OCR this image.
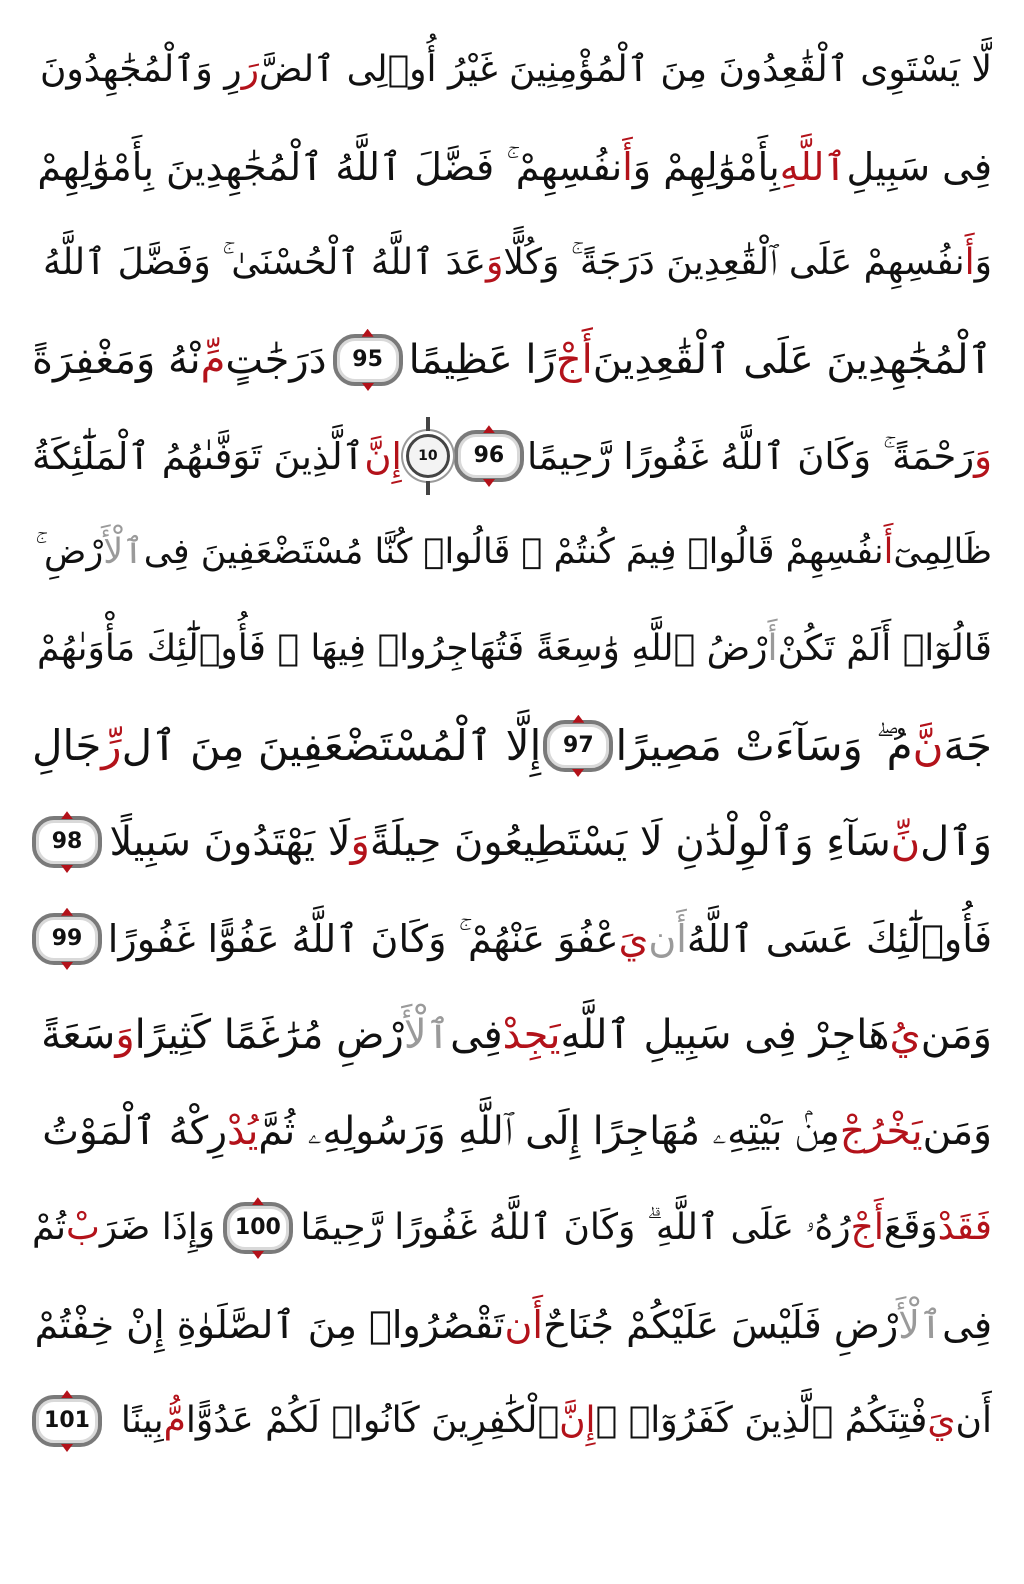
لَّا يَسْتَوِى ٱلْقَٰعِدُونَ مِنَ ٱلْمُؤْمِنِينَ غَيْرُ أُو۟لِى ٱلضَّرَرِ وَٱلْمُجَٰهِدُونَ
فِى سَبِيلِٱللَّهِبِأَمْوَٰلِهِمْ وَأَنفُسِهِمْ ۚ فَضَّلَ ٱللَّهُ ٱلْمُجَٰهِدِينَ بِأَمْوَٰلِهِمْ
وَأَنفُسِهِمْ عَلَى ٱلْقَٰعِدِينَ دَرَجَةً ۚ وَكُلًّاوَعَدَ ٱللَّهُ ٱلْحُسْنَىٰ ۚ وَفَضَّلَ ٱللَّهُ
ٱلْمُجَٰهِدِينَ عَلَى ٱلْقَٰعِدِينَأَجْرًا عَظِيمًا
95
دَرَجَٰتٍمِّنْهُ وَمَغْفِرَةً
وَرَحْمَةً ۚ وَكَانَ ٱللَّهُ غَفُورًا رَّحِيمًا
96
10
إِنَّٱلَّذِينَ تَوَفَّىٰهُمُ ٱلْمَلَٰٓئِكَةُ
ظَالِمِىٓأَنفُسِهِمْ قَالُوا۟ فِيمَ كُنتُمْ ۖ قَالُوا۟ كُنَّا مُسْتَضْعَفِينَ فِىٱلْأَرْضِ ۚ
قَالُوٓا۟ أَلَمْ تَكُنْأَرْضُ ٱللَّهِ وَٰسِعَةً فَتُهَاجِرُوا۟ فِيهَا ۚ فَأُو۟لَٰٓئِكَ مَأْوَىٰهُمْ
جَهَنَّمُ ۖ وَسَآءَتْ مَصِيرًا
97
إِلَّا ٱلْمُسْتَضْعَفِينَ مِنَ ٱلرِّجَالِ
وَٱلنِّسَآءِ وَٱلْوِلْدَٰنِ لَا يَسْتَطِيعُونَ حِيلَةًوَلَا يَهْتَدُونَ سَبِيلًا
98
فَأُو۟لَٰٓئِكَ عَسَى ٱللَّهُأَنيَعْفُوَ عَنْهُمْ ۚ وَكَانَ ٱللَّهُ عَفُوًّا غَفُورًا
99
وَمَنيُهَاجِرْ فِى سَبِيلِ ٱللَّهِيَجِدْفِىٱلْأَرْضِ مُرَٰغَمًا كَثِيرًاوَسَعَةً
وَمَنيَخْرُجْمِنۢ بَيْتِهِۦ مُهَاجِرًا إِلَى ٱللَّهِ وَرَسُولِهِۦ ثُمَّيُدْرِكْهُ ٱلْمَوْتُ
فَقَدْوَقَعَأَجْرُهُۥ عَلَى ٱللَّهِ ۗ وَكَانَ ٱللَّهُ غَفُورًا رَّحِيمًا
100
وَإِذَا ضَرَبْتُمْ
فِىٱلْأَرْضِ فَلَيْسَ عَلَيْكُمْ جُنَاحٌأَنتَقْصُرُوا۟ مِنَ ٱلصَّلَوٰةِ إِنْ خِفْتُمْ
أَنيَفْتِنَكُمُ ٱلَّذِينَ كَفَرُوٓا۟ ۚإِنَّٱلْكَٰفِرِينَ كَانُوا۟ لَكُمْ عَدُوًّامُّبِينًا
101
